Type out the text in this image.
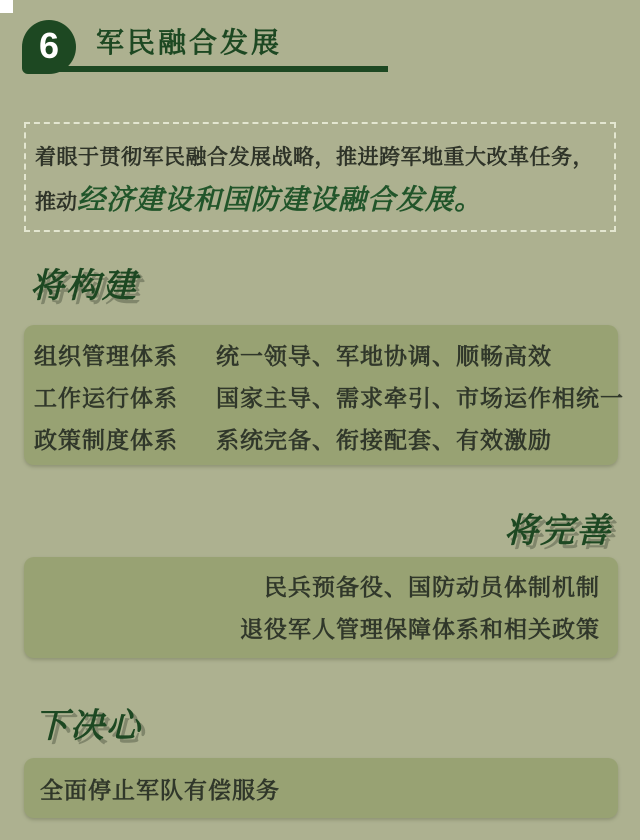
6 军民融合发展
着眼于贯彻军民融合发展战略，推进跨军地重大改革任务，
推动经济建设和国防建设融合发展。
将构建
组织管理体系	统一领导、军地协调、顺畅高效
工作运行体系	国家主导、需求牵引、市场运作相统一
政策制度体系	系统完备、衔接配套、有效激励
将完善
民兵预备役、国防动员体制机制
退役军人管理保障体系和相关政策
下决心
全面停止军队有偿服务
